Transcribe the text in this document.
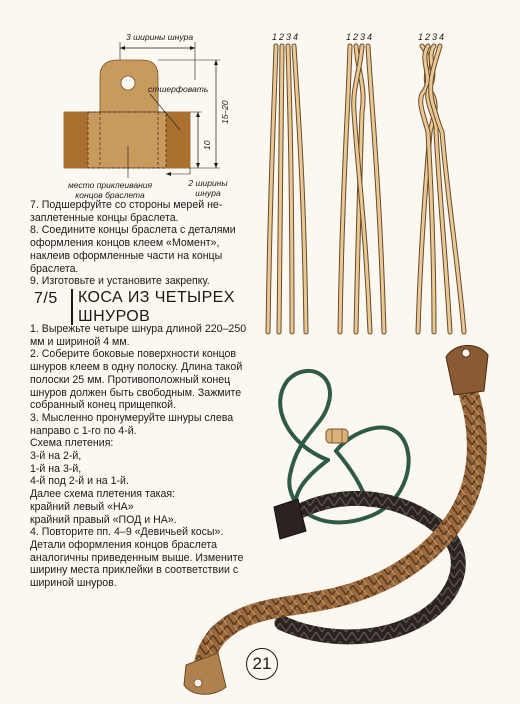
3 ширины шнура
стшерфовать
10
15–20
место приклеивания концов браслета
2 ширины шнура

7. Подшерфуйте со стороны мерей незаплетенные концы браслета.

8. Соедините концы браслета с деталями оформления концов клеем «Момент», наклеив оформленные части на концы браслета.

9. Изготовьте и установите закрепку.

7/5 КОСА ИЗ ЧЕТЫРЕХ ШНУРОВ

1. Вырежьте четыре шнура длиной 220–250 мм и шириной 4 мм.

2. Соберите боковые поверхности концов шнуров клеем в одну полоску. Длина такой полоски 25 мм. Противоположный конец шнуров должен быть свободным. Зажмите собранный конец прищепкой.

3. Мысленно пронумеруйте шнуры слева направо с 1-го по 4-й.

Схема плетения:

3-й на 2-й,

1-й на 3-й,

4-й под 2-й и на 1-й.

Далее схема плетения такая:

крайний левый «НА»

крайний правый «ПОД и НА».

4. Повторите пп. 4–9 «Девичьей косы». Детали оформления концов браслета аналогичны приведенным выше. Измените ширину места приклейки в соответствии с шириной шнуров.

1234	1234	1234
21
